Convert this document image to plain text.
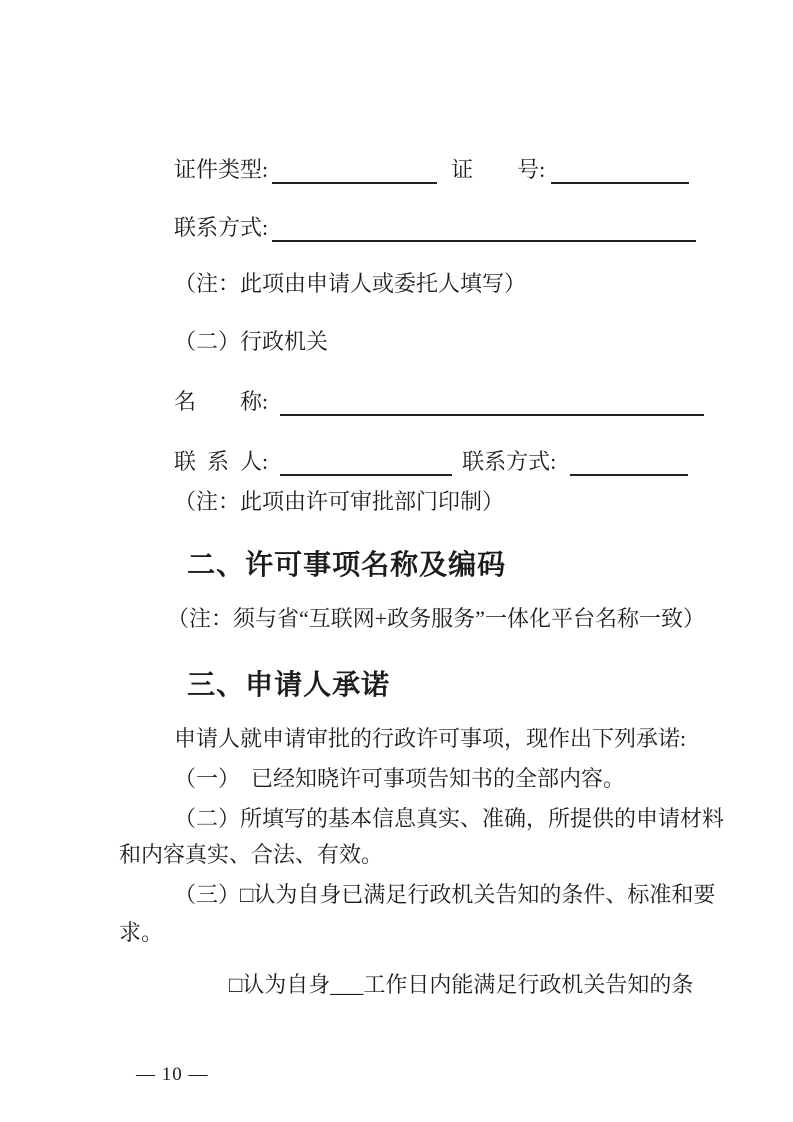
证件类型:	证　　号:

联系方式:

（注：此项由申请人或委托人填写）

（二）行政机关

名　　称:

联  系  人:	联系方式:

（注：此项由许可审批部门印制）

二、许可事项名称及编码

（注：须与省“互联网+政务服务”一体化平台名称一致）

三、申请人承诺

申请人就申请审批的行政许可事项，现作出下列承诺:

（一）　已经知晓许可事项告知书的全部内容。

（二）所填写的基本信息真实、准确，所提供的申请材料

和内容真实、合法、有效。

（三）□认为自身已满足行政机关告知的条件、标准和要

求。

□认为自身___工作日内能满足行政机关告知的条

— 10 —
